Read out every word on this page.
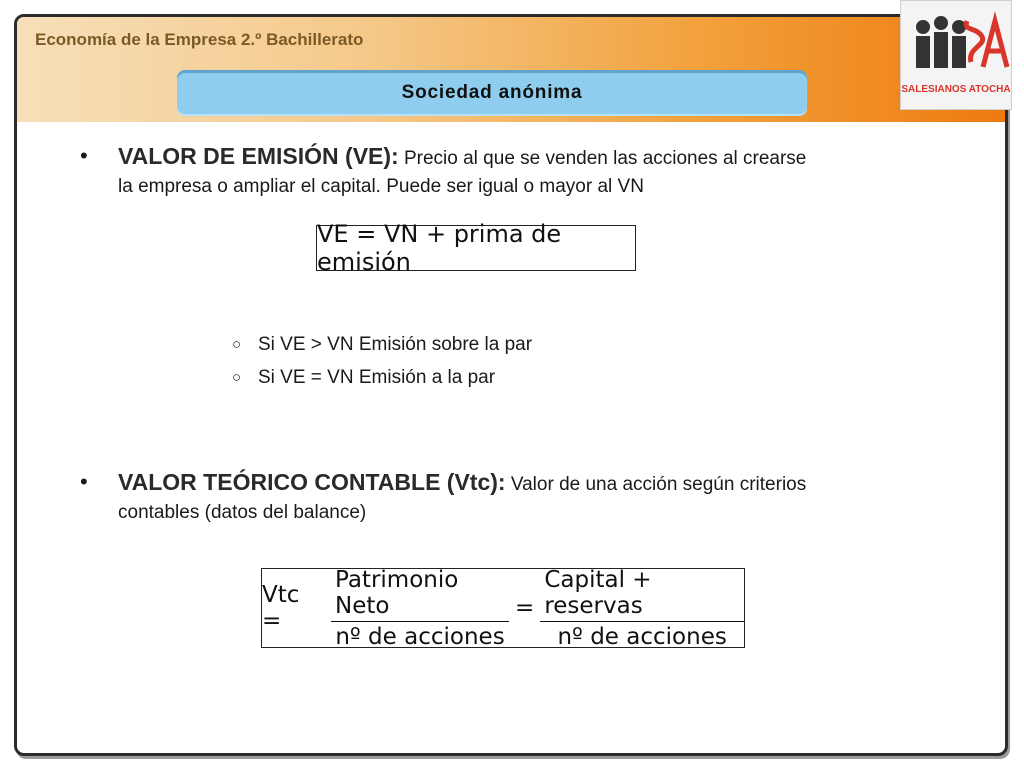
Economía de la Empresa 2.º Bachillerato
Sociedad anónima	SALESIANOS ATOCHA
• VALOR DE EMISIÓN (VE): Precio al que se venden las acciones al crearse
la empresa o ampliar el capital. Puede ser igual o mayor al VN
VE = VN + prima de emisión
○ Si VE > VN Emisión sobre la par
○ Si VE = VN Emisión a la par
• VALOR TEÓRICO CONTABLE (Vtc): Valor de una acción según criterios
contables (datos del balance)
Vtc =	$\frac{\text{Patrimonio Neto}}{\text{nº de acciones}} = \frac{\text{Capital + reservas}}{\text{nº de acciones}}$
